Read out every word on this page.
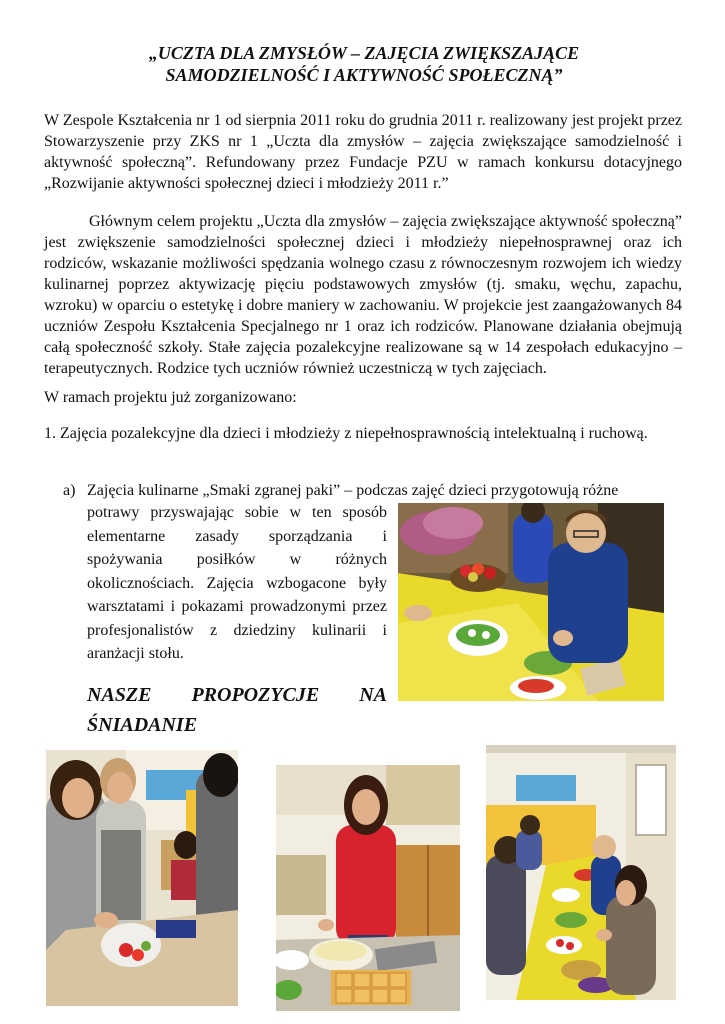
„UCZTA DLA ZMYSŁÓW – ZAJĘCIA ZWIĘKSZAJĄCE
SAMODZIELNOŚĆ I AKTYWNOŚĆ SPOŁECZNĄ”

W Zespole Kształcenia nr 1 od sierpnia 2011 roku do grudnia 2011 r. realizowany jest projekt przez Stowarzyszenie przy ZKS nr 1 „Uczta dla zmysłów – zajęcia zwiększające samodzielność i aktywność społeczną”. Refundowany przez Fundacje PZU w ramach konkursu dotacyjnego „Rozwijanie aktywności społecznej dzieci i młodzieży 2011 r.”

Głównym celem projektu „Uczta dla zmysłów – zajęcia zwiększające aktywność społeczną” jest zwiększenie samodzielności społecznej dzieci i młodzieży niepełnosprawnej oraz ich rodziców, wskazanie możliwości spędzania wolnego czasu z równoczesnym rozwojem ich wiedzy kulinarnej poprzez aktywizację pięciu podstawowych zmysłów (tj. smaku, węchu, zapachu, wzroku) w oparciu o estetykę i dobre maniery w zachowaniu. W projekcie jest zaangażowanych 84 uczniów Zespołu Kształcenia Specjalnego nr 1 oraz ich rodziców. Planowane działania obejmują całą społeczność szkoły. Stałe zajęcia pozalekcyjne realizowane są w 14 zespołach edukacyjno – terapeutycznych. Rodzice tych uczniów również uczestniczą w tych zajęciach.

W ramach projektu już zorganizowano:

1. Zajęcia pozalekcyjne dla dzieci i młodzieży z niepełnosprawnością intelektualną i ruchową.

a) Zajęcia kulinarne „Smaki zgranej paki” – podczas zajęć dzieci przygotowują różne

potrawy przyswajając sobie w ten sposób elementarne zasady sporządzania i spożywania posiłków w różnych okolicznościach. Zajęcia wzbogacone były warsztatami i pokazami prowadzonymi przez profesjonalistów z dziedziny kulinarii i aranżacji stołu.

NASZE PROPOZYCJE NA ŚNIADANIE
